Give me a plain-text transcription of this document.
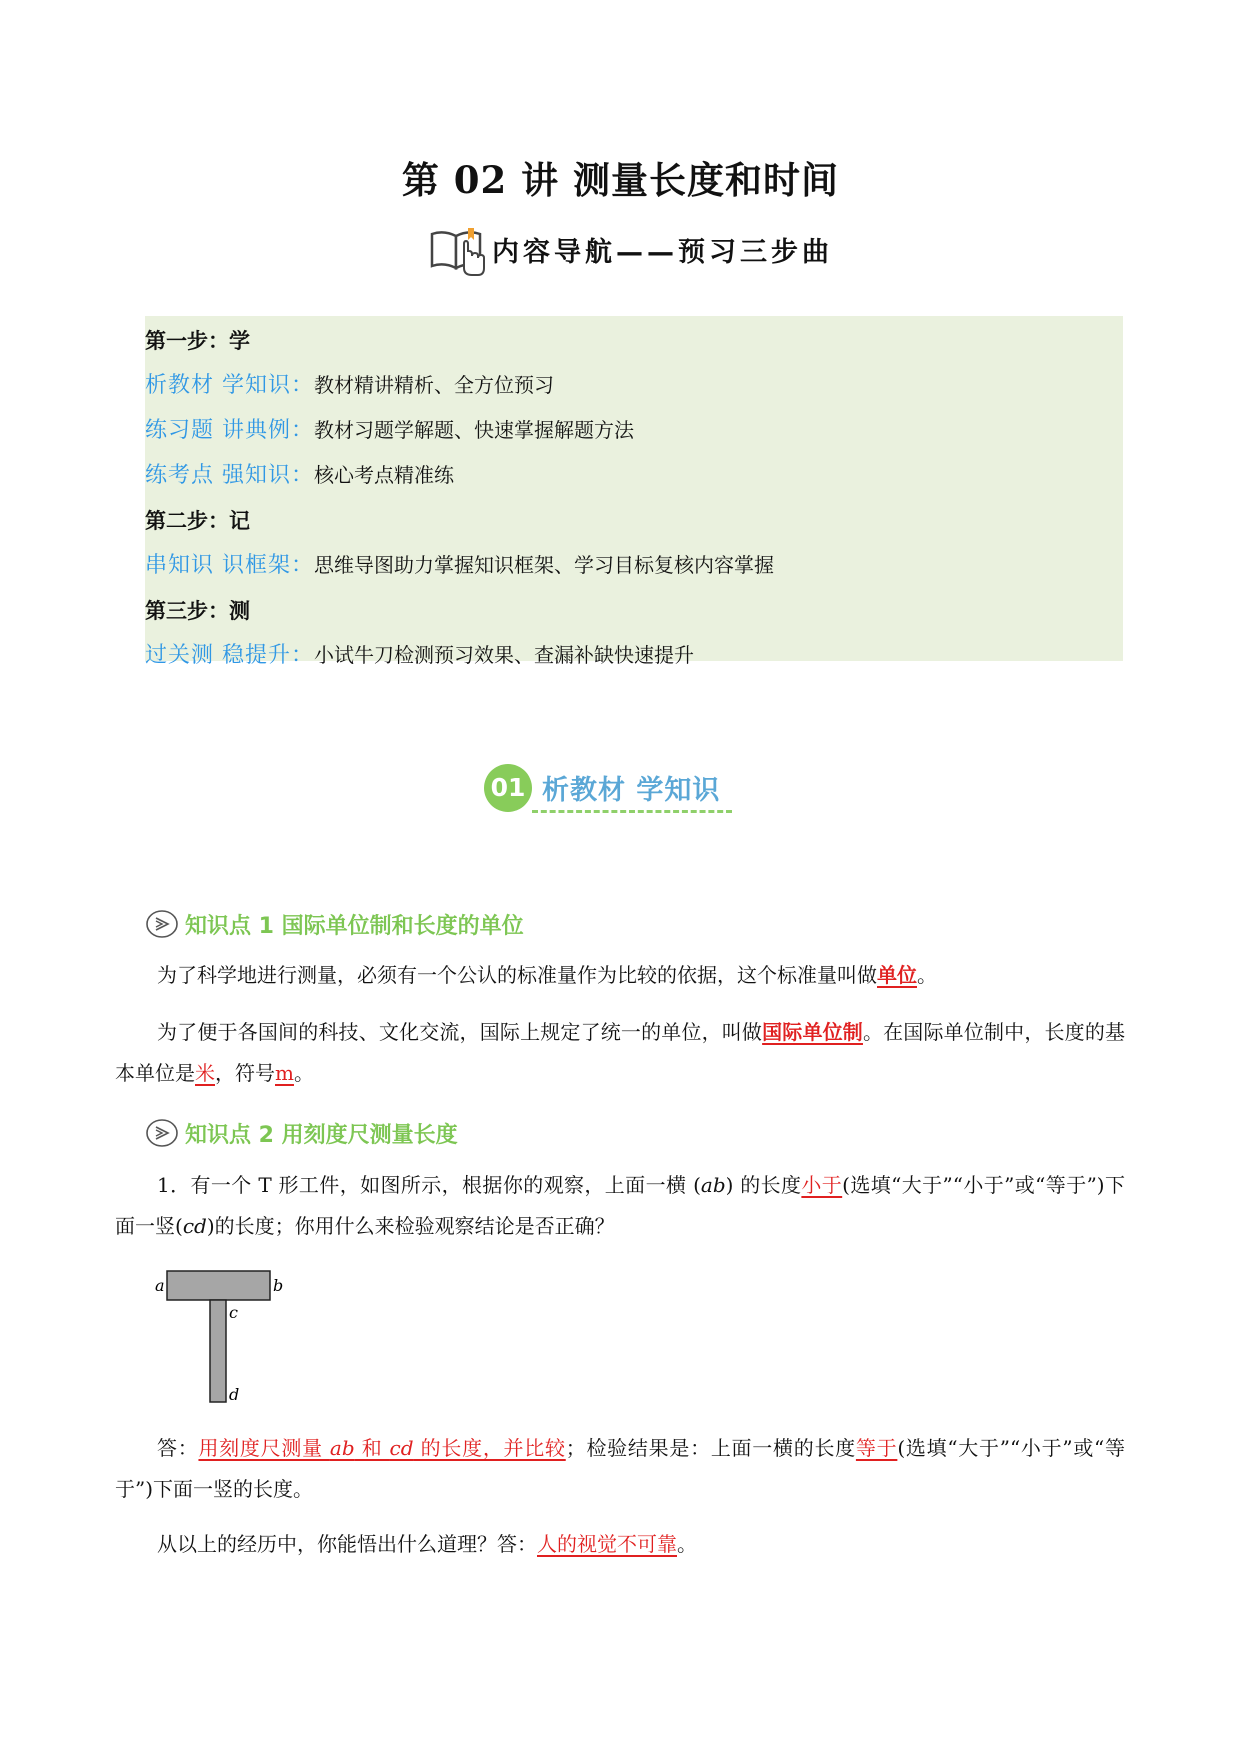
第 02 讲 测量长度和时间
内容导航——预习三步曲
第一步：学
析教材 学知识：教材精讲精析、全方位预习
练习题 讲典例：教材习题学解题、快速掌握解题方法
练考点 强知识：核心考点精准练
第二步：记
串知识 识框架：思维导图助力掌握知识框架、学习目标复核内容掌握
第三步：测
过关测 稳提升：小试牛刀检测预习效果、查漏补缺快速提升
01 析教材 学知识
知识点 1 国际单位制和长度的单位
为了科学地进行测量，必须有一个公认的标准量作为比较的依据，这个标准量叫做单位。
为了便于各国间的科技、文化交流，国际上规定了统一的单位，叫做国际单位制。在国际单位制中，长度的基本单位是米，符号m。
知识点 2 用刻度尺测量长度
1．有一个 T 形工件，如图所示，根据你的观察，上面一横 (ab) 的长度小于(选填“大于”“小于”或“等于”)下面一竖(cd)的长度；你用什么来检验观察结论是否正确？
a	b
c
d
答：用刻度尺测量 ab 和 cd 的长度，并比较；检验结果是：上面一横的长度等于(选填“大于”“小于”或“等于”)下面一竖的长度。
从以上的经历中，你能悟出什么道理？答：人的视觉不可靠。
